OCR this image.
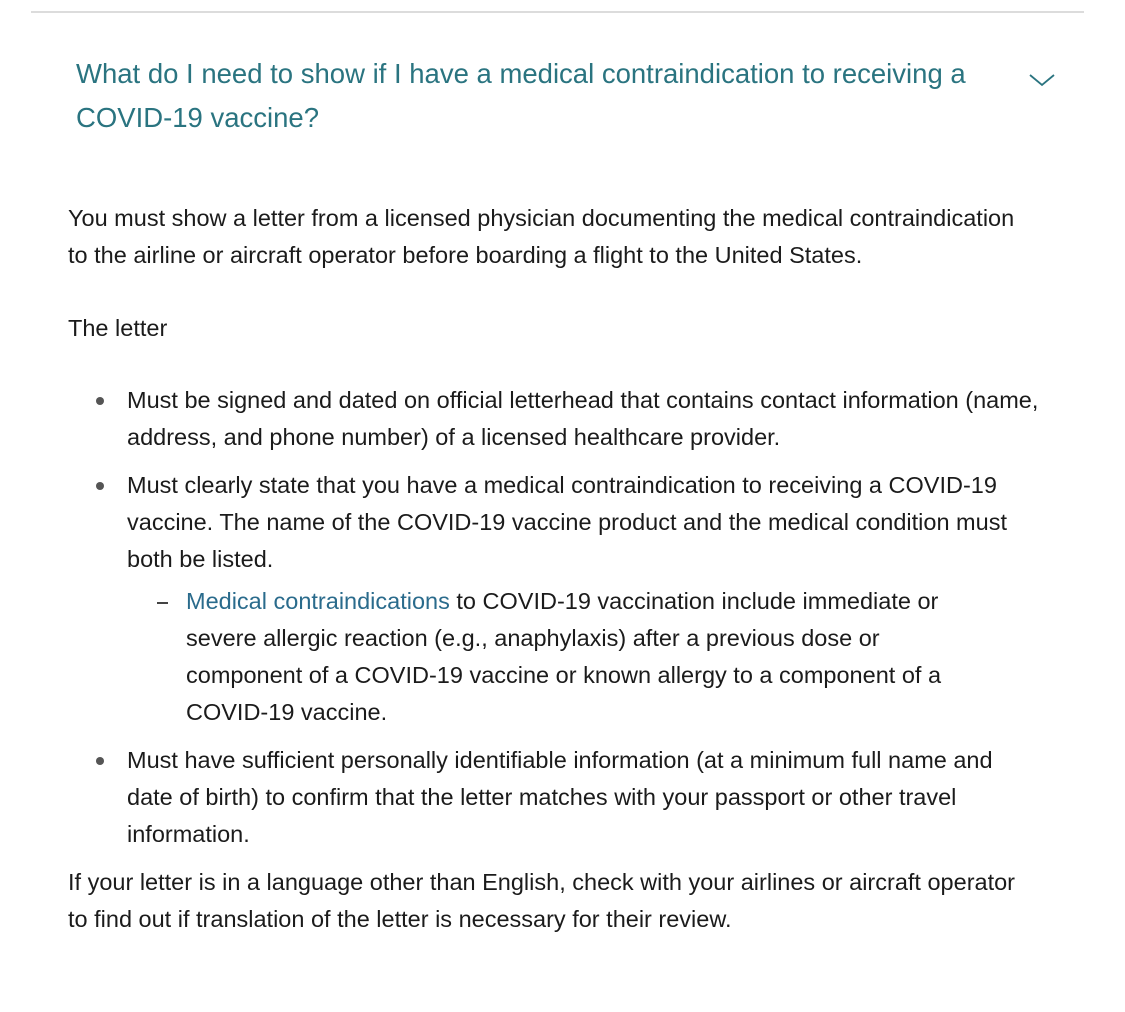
What do I need to show if I have a medical contraindication to receiving a COVID-19 vaccine?

You must show a letter from a licensed physician documenting the medical contraindication to the airline or aircraft operator before boarding a flight to the United States.

The letter

Must be signed and dated on official letterhead that contains contact information (name, address, and phone number) of a licensed healthcare provider.
Must clearly state that you have a medical contraindication to receiving a COVID-19 vaccine. The name of the COVID-19 vaccine product and the medical condition must both be listed.
Medical contraindications to COVID-19 vaccination include immediate or severe allergic reaction (e.g., anaphylaxis) after a previous dose or component of a COVID-19 vaccine or known allergy to a component of a COVID-19 vaccine.
Must have sufficient personally identifiable information (at a minimum full name and date of birth) to confirm that the letter matches with your passport or other travel information.

If your letter is in a language other than English, check with your airlines or aircraft operator to find out if translation of the letter is necessary for their review.
